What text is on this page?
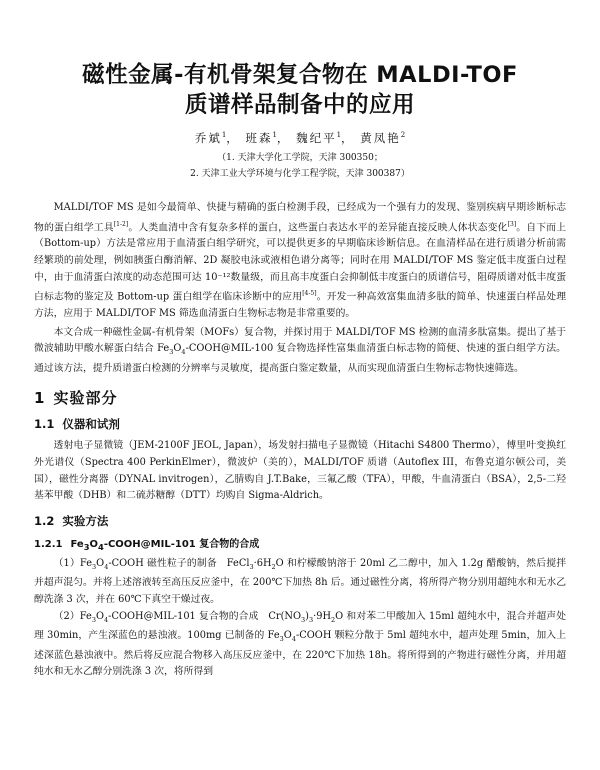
磁性金属-有机骨架复合物在 MALDI-TOF
质谱样品制备中的应用
乔斌$^1$， 班森$^1$， 魏纪平$^1$， 黄凤艳$^2$
（1. 天津大学化工学院，天津 300350；
2. 天津工业大学环境与化学工程学院，天津 300387）

MALDI/TOF MS 是如今最简单、快捷与精确的蛋白检测手段，已经成为一个强有力的发现、鉴别疾病早期诊断标志物的蛋白组学工具[1-2]。人类血清中含有复杂多样的蛋白，这些蛋白表达水平的差异能直接反映人体状态变化[3]。自下而上（Bottom-up）方法是常应用于血清蛋白组学研究，可以提供更多的早期临床诊断信息。在血清样品在进行质谱分析前需经繁琐的前处理，例如胰蛋白酶消解、2D 凝胶电泳或液相色谱分离等；同时在用 MALDI/TOF MS 鉴定低丰度蛋白过程中，由于血清蛋白浓度的动态范围可达 10⁻¹²数量级，而且高丰度蛋白会抑制低丰度蛋白的质谱信号，阻碍质谱对低丰度蛋白标志物的鉴定及 Bottom-up 蛋白组学在临床诊断中的应用[4-5]。开发一种高效富集血清多肽的简单、快速蛋白样品处理方法，应用于 MALDI/TOF MS 筛选血清蛋白生物标志物是非常重要的。

本文合成一种磁性金属-有机骨架（MOFs）复合物，并探讨用于 MALDI/TOF MS 检测的血清多肽富集。提出了基于微波辅助甲酸水解蛋白结合 $Fe_3O_4-COOH@MIL-100$ 复合物选择性富集血清蛋白标志物的简便、快速的蛋白组学方法。通过该方法，提升质谱蛋白检测的分辨率与灵敏度，提高蛋白鉴定数量，从而实现血清蛋白生物标志物快速筛选。

1 实验部分
1.1 仪器和试剂

透射电子显微镜（JEM-2100F JEOL, Japan），场发射扫描电子显微镜（Hitachi S4800 Thermo），傅里叶变换红外光谱仪（Spectra 400 PerkinElmer），微波炉（美的），MALDI/TOF 质谱（Autoflex III，布鲁克道尔顿公司，美国），磁性分离器（DYNAL invitrogen），乙腈购自 J.T.Bake，三氟乙酸（TFA），甲酸，牛血清蛋白（BSA），2,5-二羟基苯甲酸（DHB）和二硫苏糖醇（DTT）均购自 Sigma-Aldrich。

1.2 实验方法
1.2.1 $Fe_3O_4-COOH@MIL-101$ 复合物的合成

$(1)Fe_3O_4$-COOH 磁性粒子的制备　$FeCl_3\cdot 6H_2O$ 和柠檬酸钠溶于 20ml 乙二醇中，加入 1.2g 醋酸钠，然后搅拌并超声混匀。并将上述溶液转至高压反应釜中，在 200℃下加热 8h 后。通过磁性分离，将所得产物分别用超纯水和无水乙醇洗涤 3 次，并在 60℃下真空干燥过夜。

$(2)Fe_3O_4-COOH@MIL-101$ 复合物的合成　$Cr(NO_3)_3\cdot 9H_2O$ 和对苯二甲酸加入 15ml 超纯水中，混合并超声处理 30min，产生深蓝色的悬浊液。100mg 已制备的 $Fe_3O_4$-COOH 颗粒分散于 5ml 超纯水中，超声处理 5min，加入上述深蓝色悬浊液中。然后将反应混合物移入高压反应釜中，在 220℃下加热 18h。将所得到的产物进行磁性分离，并用超纯水和无水乙醇分别洗涤 3 次，将所得到
